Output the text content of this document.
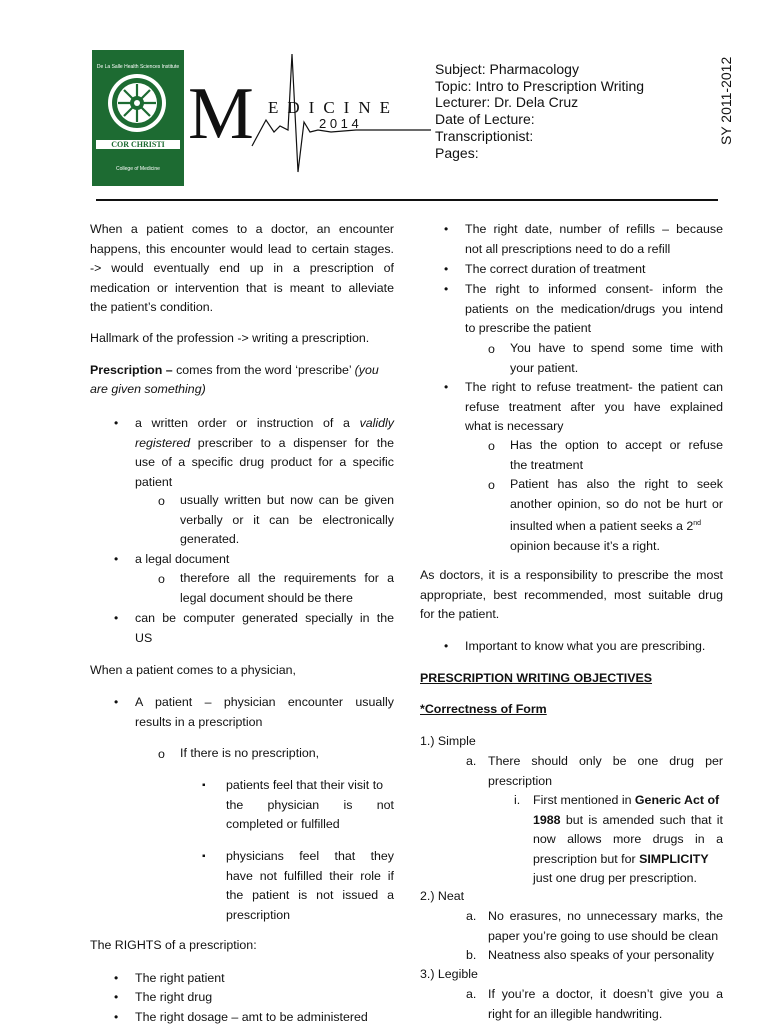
De La Salle Health Sciences Institute
COR CHRISTI
College of Medicine
M EDICINE
2 0 1 4
Subject: Pharmacology
Topic: Intro to Prescription Writing
Lecturer: Dr. Dela Cruz
Date of Lecture:
Transcriptionist:
Pages:
SY 2011-2012

When a patient comes to a doctor, an encounter

happens, this encounter would lead to certain stages.

-> would eventually end up in a prescription of

medication or intervention that is meant to alleviate

the patient’s condition.

Hallmark of the profession -> writing a prescription.

Prescription – comes from the word ‘prescribe’ (you

are given something)

• a written order or instruction of a validly

registered prescriber to a dispenser for the

use of a specific drug product for a specific

patient

o usually written but now can be given

verbally or it can be electronically

generated.

• a legal document

o therefore all the requirements for a

legal document should be there

• can be computer generated specially in the

US

When a patient comes to a physician,

• A patient – physician encounter usually

results in a prescription

o If there is no prescription,

▪ patients feel that their visit to

the physician is not

completed or fulfilled

▪ physicians feel that they

have not fulfilled their role if

the patient is not issued a

prescription

The RIGHTS of a prescription:

• The right patient

• The right drug

• The right dosage – amt to be administered

• The right date, number of refills – because

not all prescriptions need to do a refill

• The correct duration of treatment

• The right to informed consent- inform the

patients on the medication/drugs you intend

to prescribe the patient

o You have to spend some time with

your patient.

• The right to refuse treatment- the patient can

refuse treatment after you have explained

what is necessary

o Has the option to accept or refuse

the treatment

o Patient has also the right to seek

another opinion, so do not be hurt or

insulted when a patient seeks a 2nd

opinion because it’s a right.

As doctors, it is a responsibility to prescribe the most

appropriate, best recommended, most suitable drug

for the patient.

• Important to know what you are prescribing.

PRESCRIPTION WRITING OBJECTIVES

*Correctness of Form

1.) Simple

a. There should only be one drug per

prescription

i. First mentioned in Generic Act of

1988 but is amended such that it

now allows more drugs in a

prescription but for SIMPLICITY

just one drug per prescription.

2.) Neat

a. No erasures, no unnecessary marks, the

paper you’re going to use should be clean

b. Neatness also speaks of your personality

3.) Legible

a. If you’re a doctor, it doesn’t give you a

right for an illegible handwriting.
